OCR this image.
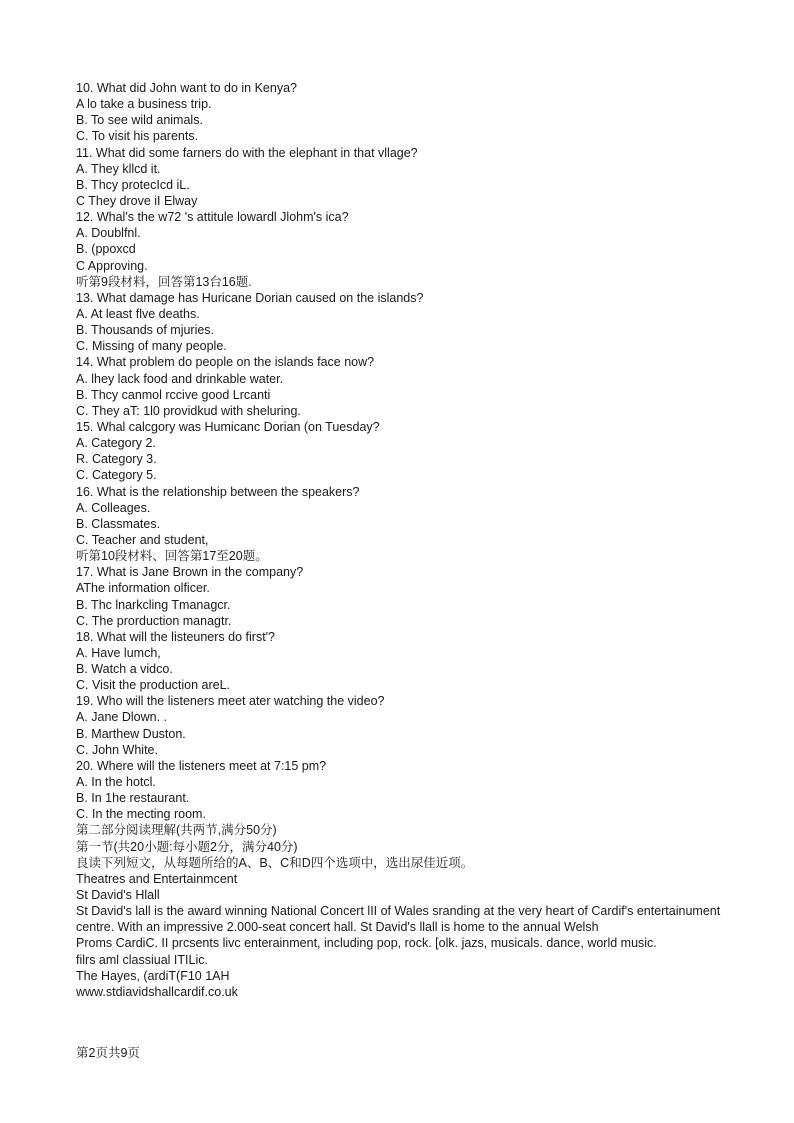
10. What did John want to do in Kenya?
A lo take a business trip.
B. To see wild animals.
C. To visit his parents.
11. What did some farners do with the elephant in that vllage?
A. They kllcd it.
B. Thcy protecIcd iL.
C They drove iI Elway
12. Whal's the w72 's attitule lowardl Jlohm's ica?
A. Doublfnl.
B. (ppoxcd
C Approving.
听第9段材料，回答第13台16题.
13. What damage has Huricane Dorian caused on the islands?
A. At least flve deaths.
B. Thousands of mjuries.
C. Missing of many people.
14. What problem do people on the islands face now?
A. lhey lack food and drinkable water.
B. Thcy canmol rccive good Lrcanti
C. They aT: 1l0 providkud with sheluring.
15. Whal calcgory was Humicanc Dorian (on Tuesday?
A. Category 2.
R. Category 3.
C. Category 5.
16. What is the relationship between the speakers?
A. Colleages.
B. Classmates.
C. Teacher and student,
听第10段材料、回答第17至20题。
17. What is Jane Brown in the company?
AThe information olficer.
B. Thc lnarkcling Tmanagcr.
C. The prorduction managtr.
18. What will the listeuners do first'?
A. Have lumch,
B. Watch a vidco.
C. Visit the production areL.
19. Who will the listeners meet ater watching the video?
A. Jane Dlown. .
B. Marthew Duston.
C. John White.
20. Where will the listeners meet at 7:15 pm?
A. In the hotcl.
B. In 1he restaurant.
C. In the mecting room.
第二部分阅读理解(共两节,满分50分)
第一节(共20小题:每小题2分，满分40分)
良读下列短文，从每题所给的A、B、C和D四个选项中，选出尿佳近项。
Theatres and Entertainmcent
St David's Hlall
St David's lall is the award winning National Concert lII of Wales sranding at the very heart of Cardif's entertainument centre. With an impressive 2.000-seat concert hall. St David's llall is home to the annual Welsh
Proms CardiC. II prcsents livc enterainment, including pop, rock. [olk. jazs, musicals. dance, world music.
filrs aml classiual ITILic.
The Hayes, (ardiT(F10 1AH
www.stdiavidshallcardif.co.uk
第2页共9页
